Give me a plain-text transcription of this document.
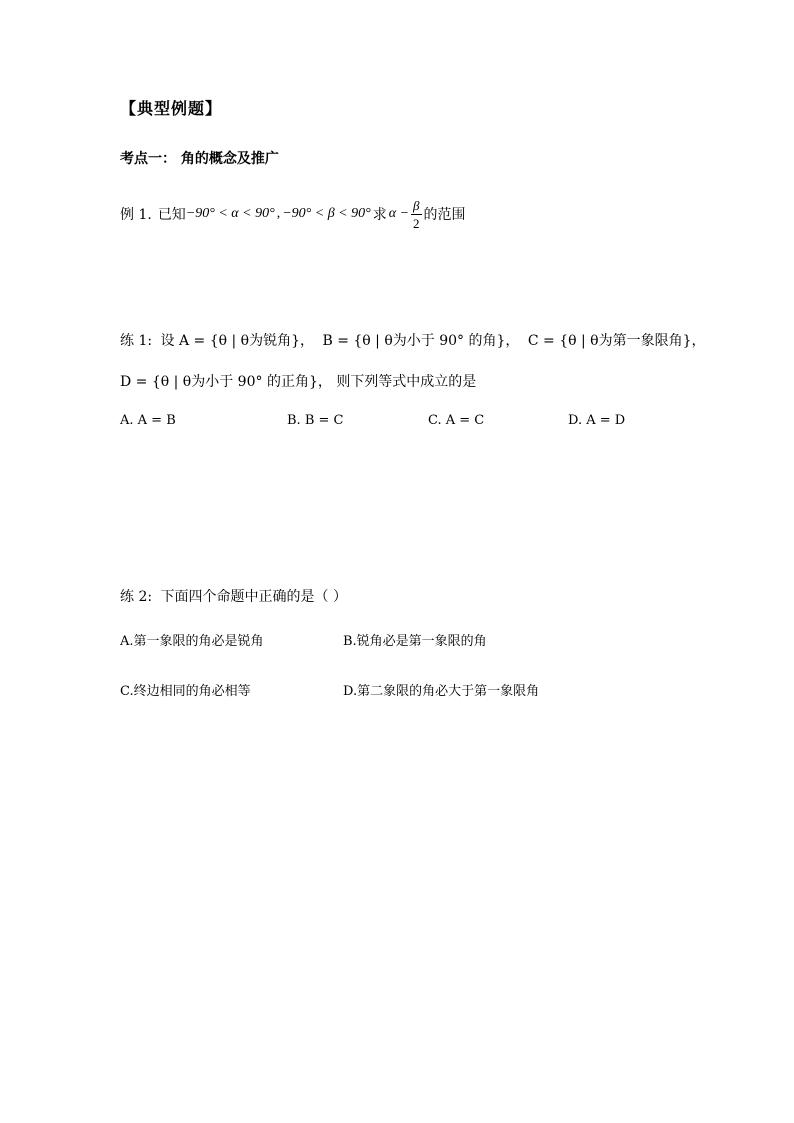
【典型例题】
考点一： 角的概念及推广
例 1. 已知 −90° < α < 90° , −90° < β < 90° 求 $\alpha - \frac{\beta}{2}$ 的范围
练 1: 设 A = {θ | θ为锐角}， B = {θ | θ为小于 90° 的角}， C = {θ | θ为第一象限角}，
D = {θ | θ为小于 90° 的正角}， 则下列等式中成立的是
A. A = B	B. B = C	C. A = C	D. A = D
练 2: 下面四个命题中正确的是（ ）
A.第一象限的角必是锐角	B.锐角必是第一象限的角
C.终边相同的角必相等	D.第二象限的角必大于第一象限角
